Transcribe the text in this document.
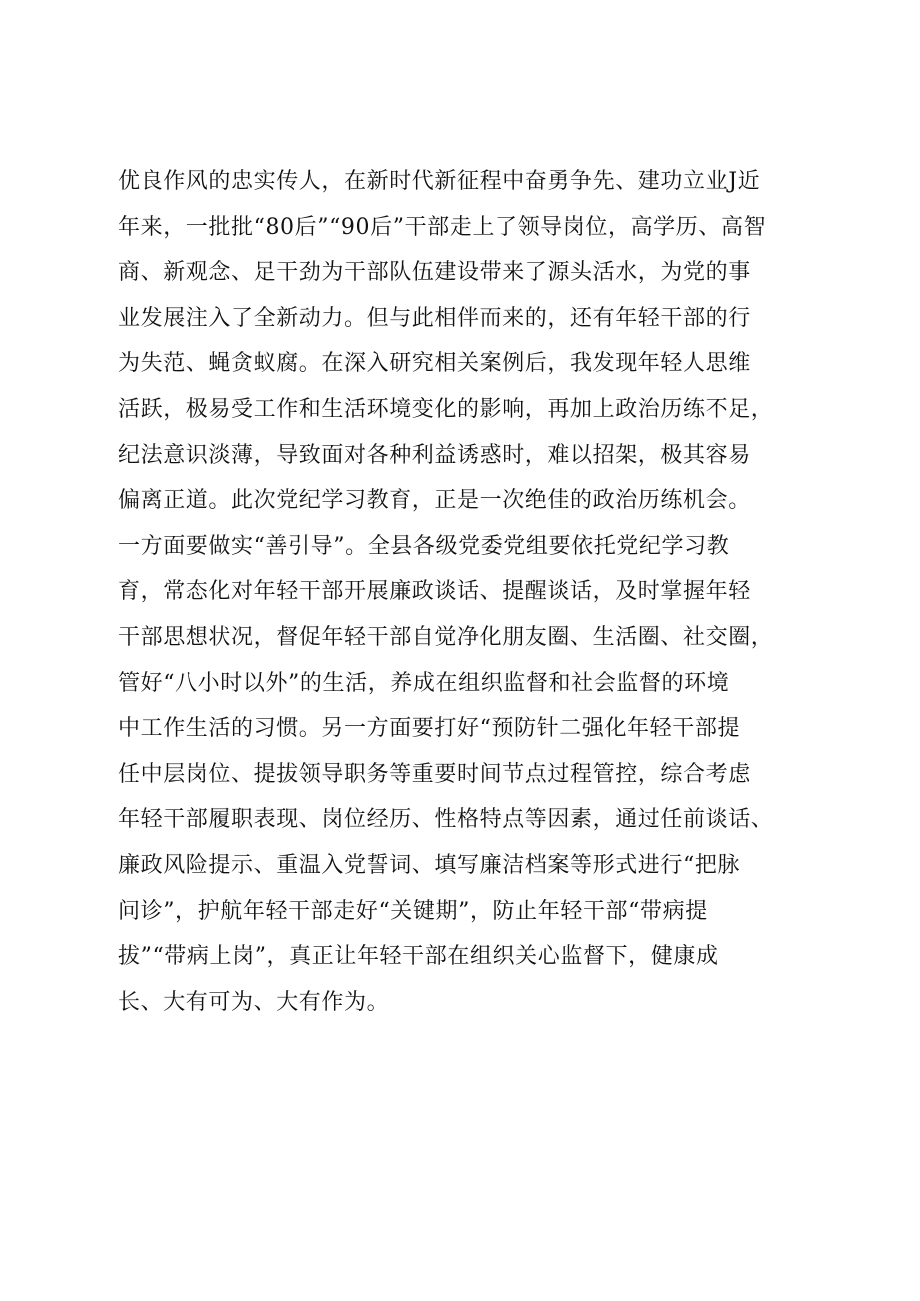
优良作风的忠实传人，在新时代新征程中奋勇争先、建功立业J近
年来，一批批“80后”“90后”干部走上了领导岗位，高学历、高智
商、新观念、足干劲为干部队伍建设带来了源头活水，为党的事
业发展注入了全新动力。但与此相伴而来的，还有年轻干部的行
为失范、蝇贪蚁腐。在深入研究相关案例后，我发现年轻人思维
活跃，极易受工作和生活环境变化的影响，再加上政治历练不足，
纪法意识淡薄，导致面对各种利益诱惑时，难以招架，极其容易
偏离正道。此次党纪学习教育，正是一次绝佳的政治历练机会。
一方面要做实“善引导”。全县各级党委党组要依托党纪学习教
育，常态化对年轻干部开展廉政谈话、提醒谈话，及时掌握年轻
干部思想状况，督促年轻干部自觉净化朋友圈、生活圈、社交圈，
管好“八小时以外”的生活，养成在组织监督和社会监督的环境
中工作生活的习惯。另一方面要打好“预防针二强化年轻干部提
任中层岗位、提拔领导职务等重要时间节点过程管控，综合考虑
年轻干部履职表现、岗位经历、性格特点等因素，通过任前谈话、
廉政风险提示、重温入党誓词、填写廉洁档案等形式进行“把脉
问诊”，护航年轻干部走好“关键期”，防止年轻干部“带病提
拔”“带病上岗”，真正让年轻干部在组织关心监督下，健康成
长、大有可为、大有作为。
